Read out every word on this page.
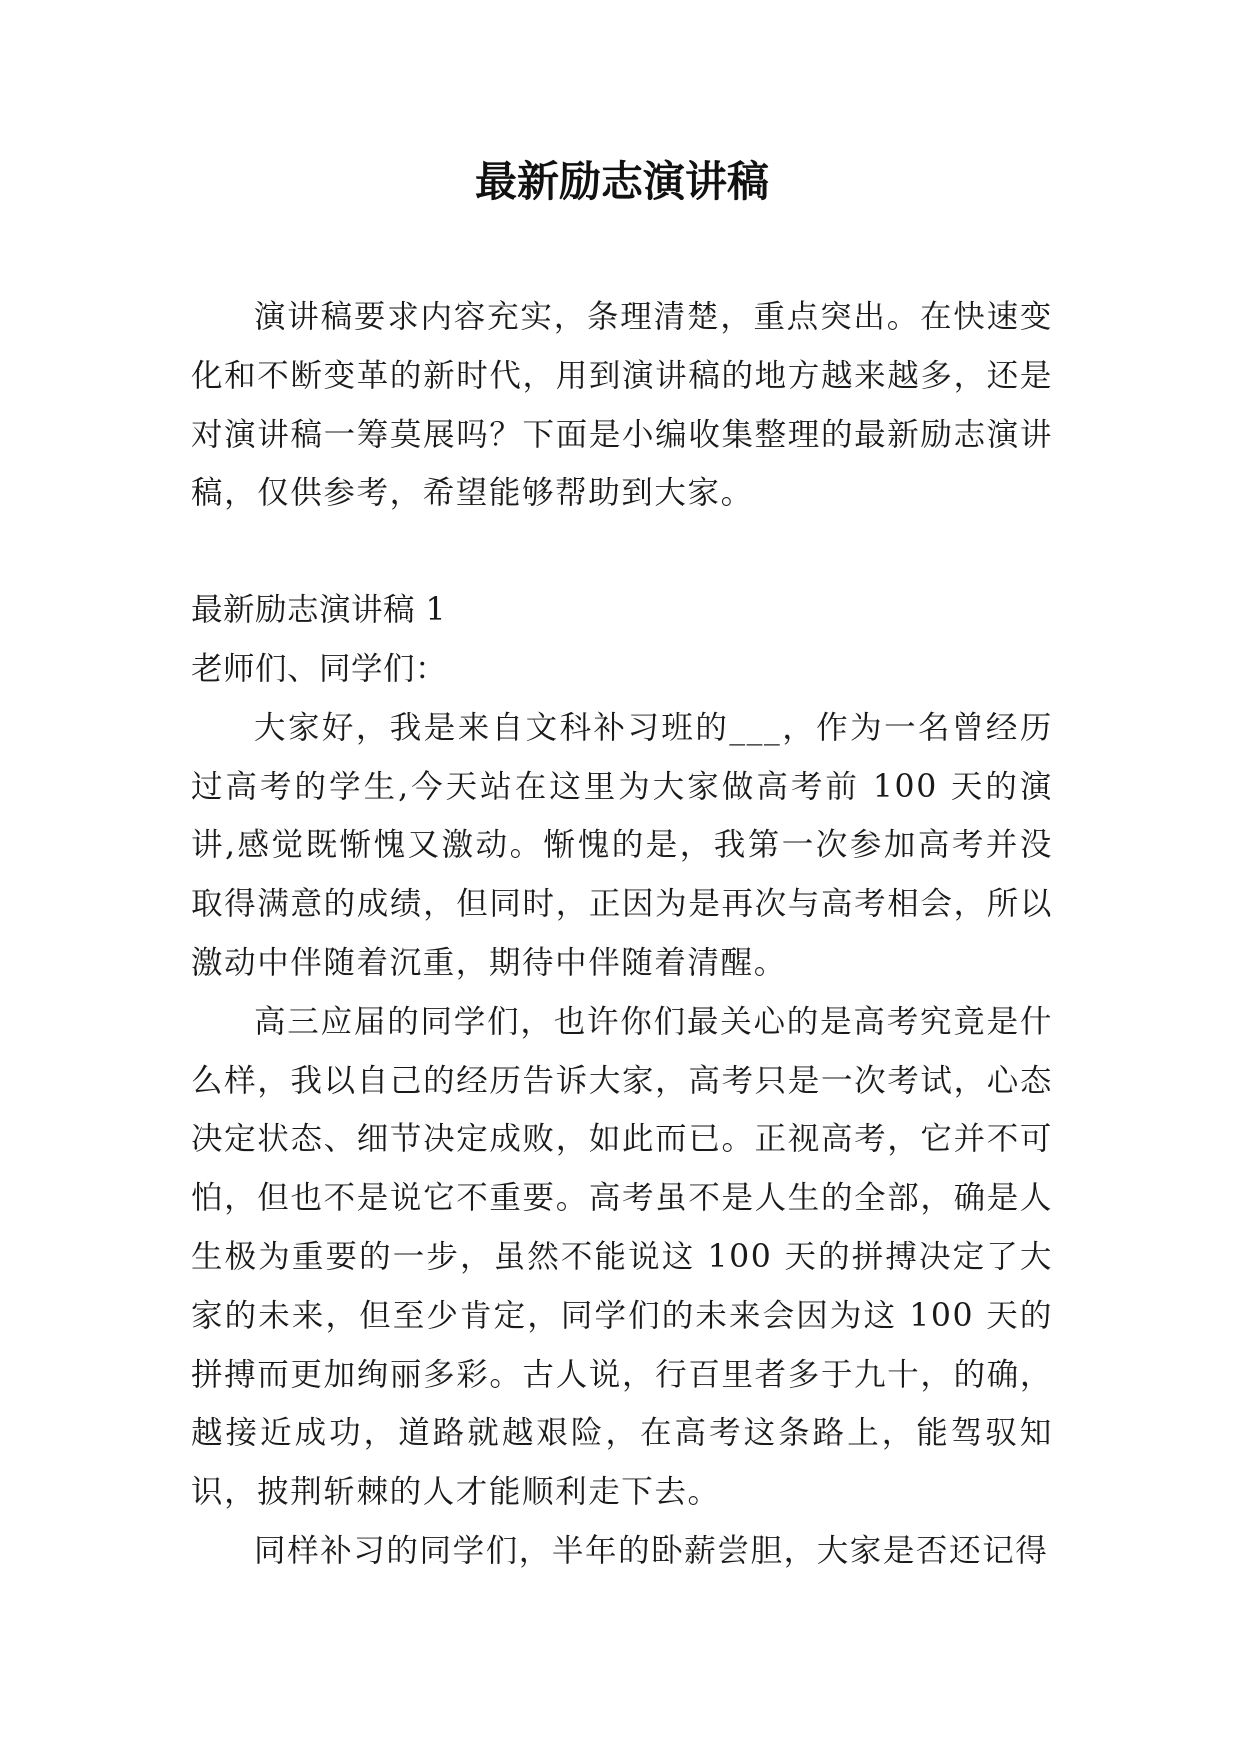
最新励志演讲稿

演讲稿要求内容充实，条理清楚，重点突出。在快速变化和不断变革的新时代，用到演讲稿的地方越来越多，还是对演讲稿一筹莫展吗？下面是小编收集整理的最新励志演讲稿，仅供参考，希望能够帮助到大家。

最新励志演讲稿 1

老师们、同学们：

大家好，我是来自文科补习班的___，作为一名曾经历过高考的学生,今天站在这里为大家做高考前 100 天的演讲,感觉既惭愧又激动。惭愧的是，我第一次参加高考并没取得满意的成绩，但同时，正因为是再次与高考相会，所以激动中伴随着沉重，期待中伴随着清醒。

高三应届的同学们，也许你们最关心的是高考究竟是什么样，我以自己的经历告诉大家，高考只是一次考试，心态决定状态、细节决定成败，如此而已。正视高考，它并不可怕，但也不是说它不重要。高考虽不是人生的全部，确是人生极为重要的一步，虽然不能说这 100 天的拼搏决定了大家的未来，但至少肯定，同学们的未来会因为这 100 天的拼搏而更加绚丽多彩。古人说，行百里者多于九十，的确，越接近成功，道路就越艰险，在高考这条路上，能驾驭知识，披荆斩棘的人才能顺利走下去。

同样补习的同学们，半年的卧薪尝胆，大家是否还记得
